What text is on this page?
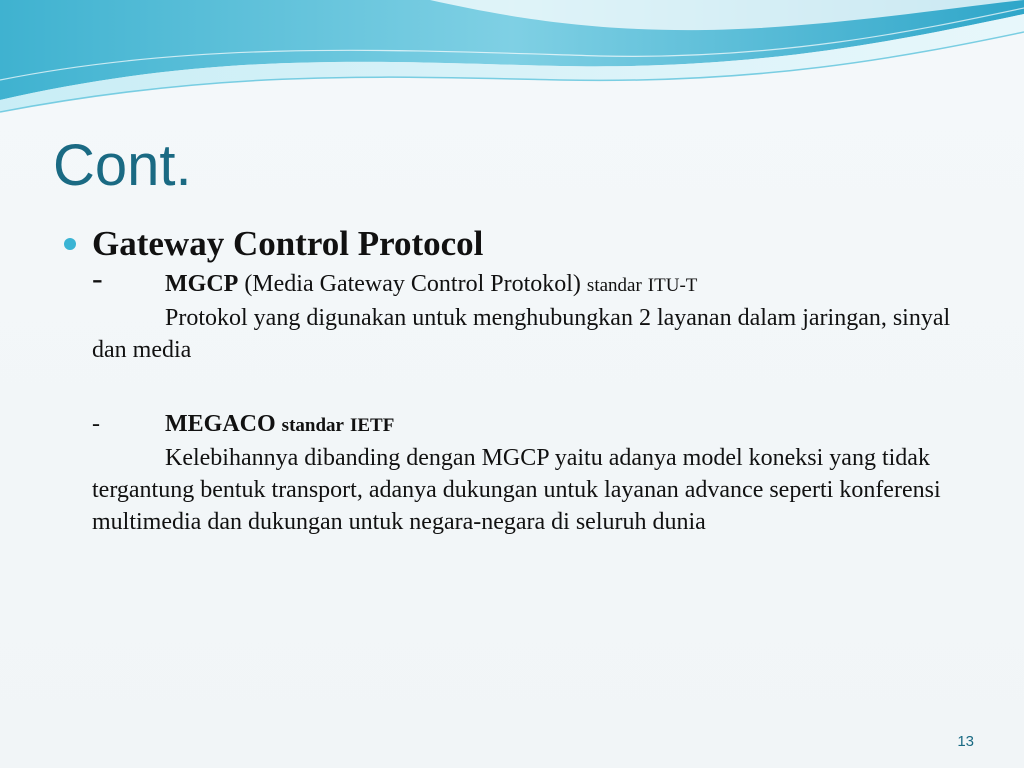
Cont.
Gateway Control Protocol
-	MGCP (Media Gateway Control Protokol) standar ITU-T

Protokol yang digunakan untuk menghubungkan 2 layanan dalam jaringan, sinyal dan media

-	MEGACO standar IETF

Kelebihannya dibanding dengan MGCP yaitu adanya model koneksi yang tidak tergantung bentuk transport, adanya dukungan untuk layanan advance seperti konferensi multimedia dan dukungan untuk negara-negara di seluruh dunia

13
